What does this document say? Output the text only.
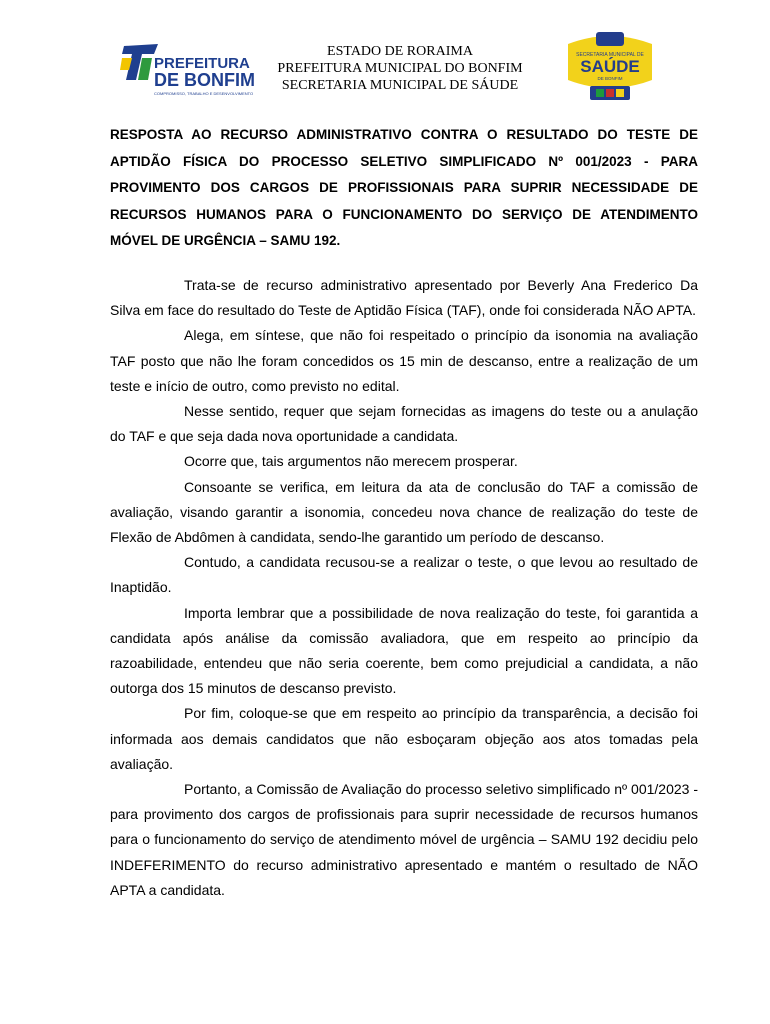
PREFEITURA
DE BONFIM
COMPROMISSO, TRABALHO E DESENVOLVIMENTO
ESTADO DE RORAIMA
PREFEITURA MUNICIPAL DO BONFIM
SECRETARIA MUNICIPAL DE SÁUDE
SECRETARIA MUNICIPAL DE
SAÚDE
DE BONFIM
RESPOSTA AO RECURSO ADMINISTRATIVO CONTRA O RESULTADO DO TESTE DE APTIDÃO FÍSICA DO PROCESSO SELETIVO SIMPLIFICADO Nº 001/2023 - PARA PROVIMENTO DOS CARGOS DE PROFISSIONAIS PARA SUPRIR NECESSIDADE DE RECURSOS HUMANOS PARA O FUNCIONAMENTO DO SERVIÇO DE ATENDIMENTO MÓVEL DE URGÊNCIA – SAMU 192.

Trata-se de recurso administrativo apresentado por Beverly Ana Frederico Da Silva em face do resultado do Teste de Aptidão Física (TAF), onde foi considerada NÃO APTA.

Alega, em síntese, que não foi respeitado o princípio da isonomia na avaliação TAF posto que não lhe foram concedidos os 15 min de descanso, entre a realização de um teste e início de outro, como previsto no edital.

Nesse sentido, requer que sejam fornecidas as imagens do teste ou a anulação do TAF e que seja dada nova oportunidade a candidata.

Ocorre que, tais argumentos não merecem prosperar.

Consoante se verifica, em leitura da ata de conclusão do TAF a comissão de avaliação, visando garantir a isonomia, concedeu nova chance de realização do teste de Flexão de Abdômen à candidata, sendo-lhe garantido um período de descanso.

Contudo, a candidata recusou-se a realizar o teste, o que levou ao resultado de Inaptidão.

Importa lembrar que a possibilidade de nova realização do teste, foi garantida a candidata após análise da comissão avaliadora, que em respeito ao princípio da razoabilidade, entendeu que não seria coerente, bem como prejudicial a candidata, a não outorga dos 15 minutos de descanso previsto.

Por fim, coloque-se que em respeito ao princípio da transparência, a decisão foi informada aos demais candidatos que não esboçaram objeção aos atos tomadas pela avaliação.

Portanto, a Comissão de Avaliação do processo seletivo simplificado nº 001/2023 - para provimento dos cargos de profissionais para suprir necessidade de recursos humanos para o funcionamento do serviço de atendimento móvel de urgência – SAMU 192 decidiu pelo INDEFERIMENTO do recurso administrativo apresentado e mantém o resultado de NÃO APTA a candidata.
